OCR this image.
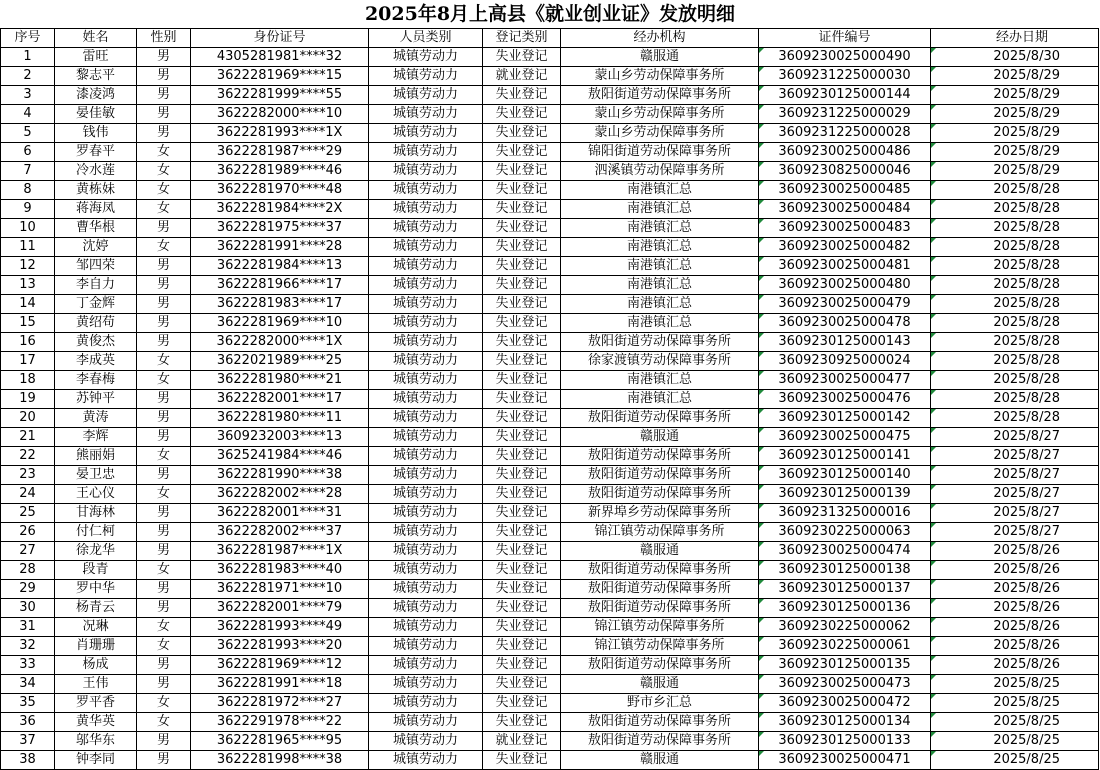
2025年8月上高县《就业创业证》发放明细
序号	姓名	性别	身份证号	人员类别	登记类别	经办机构	证件编号	经办日期
1	雷旺	男	4305281981****32	城镇劳动力	失业登记	赣服通	3609230025000490	2025/8/30
2	黎志平	男	3622281969****15	城镇劳动力	就业登记	蒙山乡劳动保障事务所	3609231225000030	2025/8/29
3	漆凌鸿	男	3622281999****55	城镇劳动力	失业登记	敖阳街道劳动保障事务所	3609230125000144	2025/8/29
4	晏佳敏	男	3622282000****10	城镇劳动力	失业登记	蒙山乡劳动保障事务所	3609231225000029	2025/8/29
5	钱伟	男	3622281993****1X	城镇劳动力	失业登记	蒙山乡劳动保障事务所	3609231225000028	2025/8/29
6	罗春平	女	3622281987****29	城镇劳动力	失业登记	锦阳街道劳动保障事务所	3609230025000486	2025/8/29
7	冷水莲	女	3622281989****46	城镇劳动力	失业登记	泗溪镇劳动保障事务所	3609230825000046	2025/8/29
8	黄栋妹	女	3622281970****48	城镇劳动力	失业登记	南港镇汇总	3609230025000485	2025/8/28
9	蒋海凤	女	3622281984****2X	城镇劳动力	失业登记	南港镇汇总	3609230025000484	2025/8/28
10	曹华根	男	3622281975****37	城镇劳动力	失业登记	南港镇汇总	3609230025000483	2025/8/28
11	沈婷	女	3622281991****28	城镇劳动力	失业登记	南港镇汇总	3609230025000482	2025/8/28
12	邹四荣	男	3622281984****13	城镇劳动力	失业登记	南港镇汇总	3609230025000481	2025/8/28
13	李自力	男	3622281966****17	城镇劳动力	失业登记	南港镇汇总	3609230025000480	2025/8/28
14	丁金辉	男	3622281983****17	城镇劳动力	失业登记	南港镇汇总	3609230025000479	2025/8/28
15	黄绍苟	男	3622281969****10	城镇劳动力	失业登记	南港镇汇总	3609230025000478	2025/8/28
16	黄俊杰	男	3622282000****1X	城镇劳动力	失业登记	敖阳街道劳动保障事务所	3609230125000143	2025/8/28
17	李成英	女	3622021989****25	城镇劳动力	失业登记	徐家渡镇劳动保障事务所	3609230925000024	2025/8/28
18	李春梅	女	3622281980****21	城镇劳动力	失业登记	南港镇汇总	3609230025000477	2025/8/28
19	苏钟平	男	3622282001****17	城镇劳动力	失业登记	南港镇汇总	3609230025000476	2025/8/28
20	黄涛	男	3622281980****11	城镇劳动力	失业登记	敖阳街道劳动保障事务所	3609230125000142	2025/8/28
21	李辉	男	3609232003****13	城镇劳动力	失业登记	赣服通	3609230025000475	2025/8/27
22	熊丽娟	女	3625241984****46	城镇劳动力	失业登记	敖阳街道劳动保障事务所	3609230125000141	2025/8/27
23	晏卫忠	男	3622281990****38	城镇劳动力	失业登记	敖阳街道劳动保障事务所	3609230125000140	2025/8/27
24	王心仪	女	3622282002****28	城镇劳动力	失业登记	敖阳街道劳动保障事务所	3609230125000139	2025/8/27
25	甘海林	男	3622282001****31	城镇劳动力	失业登记	新界埠乡劳动保障事务所	3609231325000016	2025/8/27
26	付仁柯	男	3622282002****37	城镇劳动力	失业登记	锦江镇劳动保障事务所	3609230225000063	2025/8/27
27	徐龙华	男	3622281987****1X	城镇劳动力	失业登记	赣服通	3609230025000474	2025/8/26
28	段青	女	3622281983****40	城镇劳动力	失业登记	敖阳街道劳动保障事务所	3609230125000138	2025/8/26
29	罗中华	男	3622281971****10	城镇劳动力	失业登记	敖阳街道劳动保障事务所	3609230125000137	2025/8/26
30	杨青云	男	3622282001****79	城镇劳动力	失业登记	敖阳街道劳动保障事务所	3609230125000136	2025/8/26
31	况琳	女	3622281993****49	城镇劳动力	失业登记	锦江镇劳动保障事务所	3609230225000062	2025/8/26
32	肖珊珊	女	3622281993****20	城镇劳动力	失业登记	锦江镇劳动保障事务所	3609230225000061	2025/8/26
33	杨成	男	3622281969****12	城镇劳动力	失业登记	敖阳街道劳动保障事务所	3609230125000135	2025/8/26
34	王伟	男	3622281991****18	城镇劳动力	失业登记	赣服通	3609230025000473	2025/8/25
35	罗平香	女	3622281972****27	城镇劳动力	失业登记	野市乡汇总	3609230025000472	2025/8/25
36	黄华英	女	3622291978****22	城镇劳动力	失业登记	敖阳街道劳动保障事务所	3609230125000134	2025/8/25
37	邬华东	男	3622281965****95	城镇劳动力	就业登记	敖阳街道劳动保障事务所	3609230125000133	2025/8/25
38	钟李同	男	3622281998****38	城镇劳动力	失业登记	赣服通	3609230025000471	2025/8/25
